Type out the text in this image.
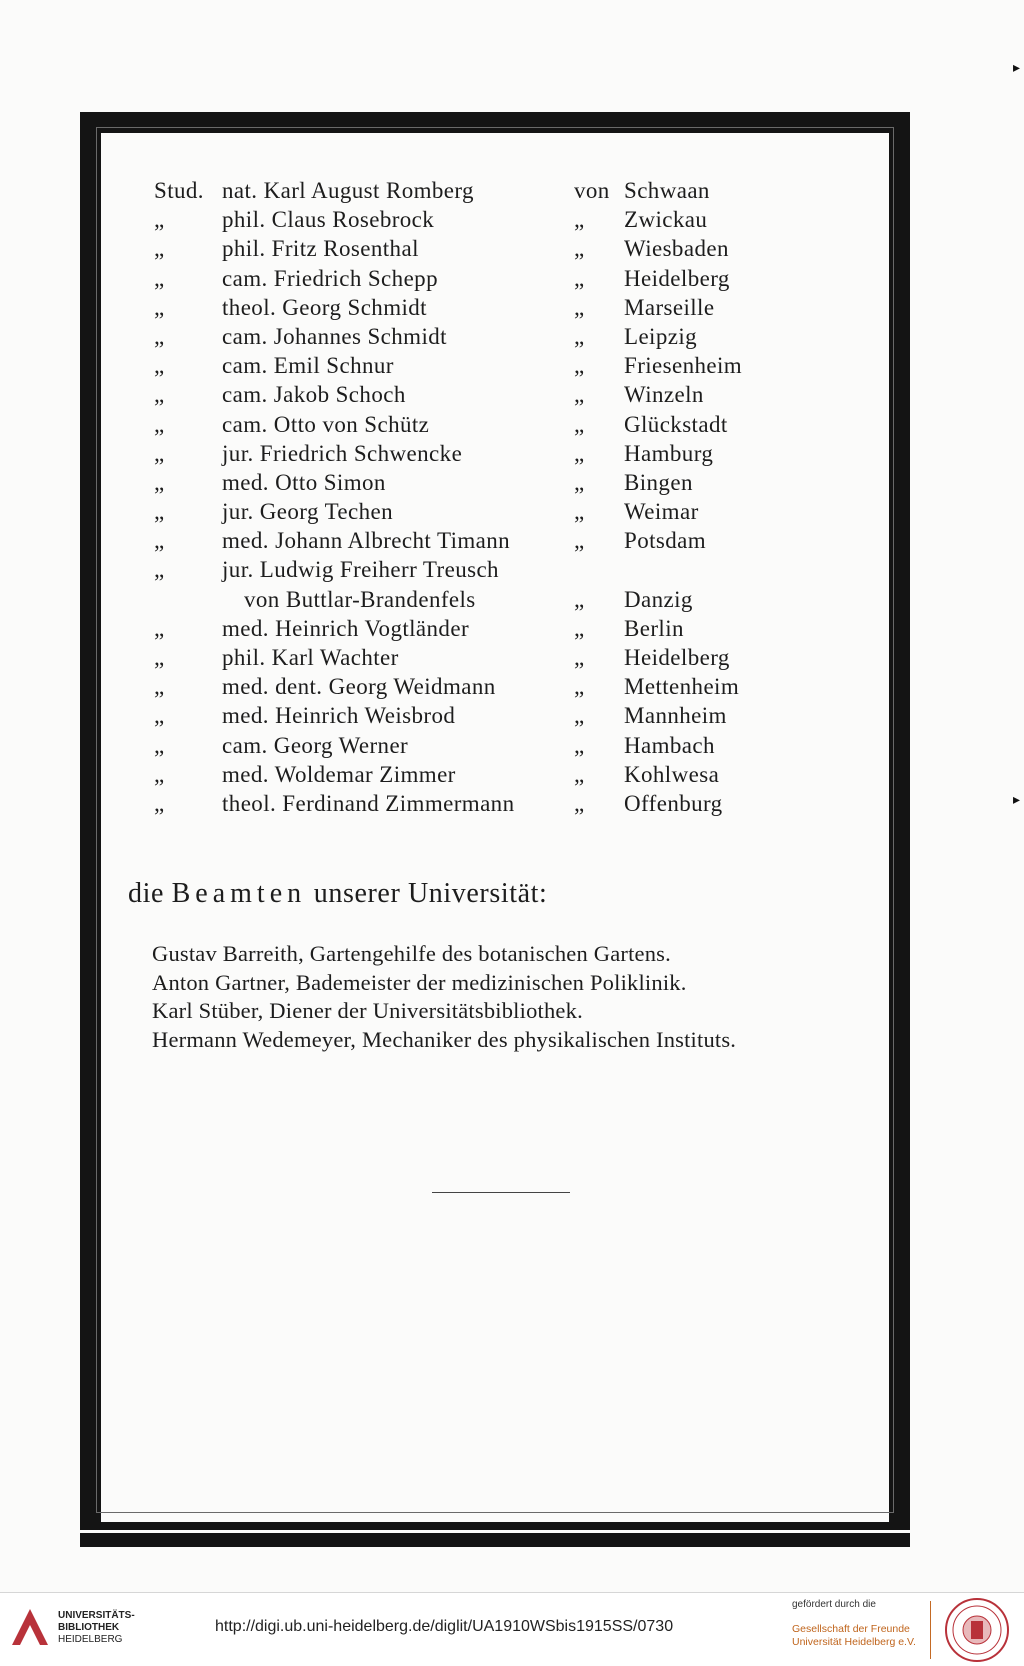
Stud. nat. Karl August Romberg	von Schwaan
„ phil. Claus Rosebrock	„ Zwickau
„ phil. Fritz Rosenthal	„ Wiesbaden
„ cam. Friedrich Schepp	„ Heidelberg
„ theol. Georg Schmidt	„ Marseille
„ cam. Johannes Schmidt	„ Leipzig
„ cam. Emil Schnur	„ Friesenheim
„ cam. Jakob Schoch	„ Winzeln
„ cam. Otto von Schütz	„ Glückstadt
„ jur. Friedrich Schwencke	„ Hamburg
„ med. Otto Simon	„ Bingen
„ jur. Georg Techen	„ Weimar
„ med. Johann Albrecht Timann	„ Potsdam
„ jur. Ludwig Freiherr Treusch
von Buttlar-Brandenfels	„ Danzig
„ med. Heinrich Vogtländer	„ Berlin
„ phil. Karl Wachter	„ Heidelberg
„ med. dent. Georg Weidmann	„ Mettenheim
„ med. Heinrich Weisbrod	„ Mannheim
„ cam. Georg Werner	„ Hambach
„ med. Woldemar Zimmer	„ Kohlwesa
„ theol. Ferdinand Zimmermann	„ Offenburg
die Beamten unserer Universität:
Gustav Barreith, Gartengehilfe des botanischen Gartens.
Anton Gartner, Bademeister der medizinischen Poliklinik.
Karl Stüber, Diener der Universitätsbibliothek.
Hermann Wedemeyer, Mechaniker des physikalischen Instituts.
▸
▸
UNIVERSITÄTS-
BIBLIOTHEK
HEIDELBERG
http://digi.ub.uni-heidelberg.de/diglit/UA1910WSbis1915SS/0730
gefördert durch die
Gesellschaft der Freunde
Universität Heidelberg e.V.
